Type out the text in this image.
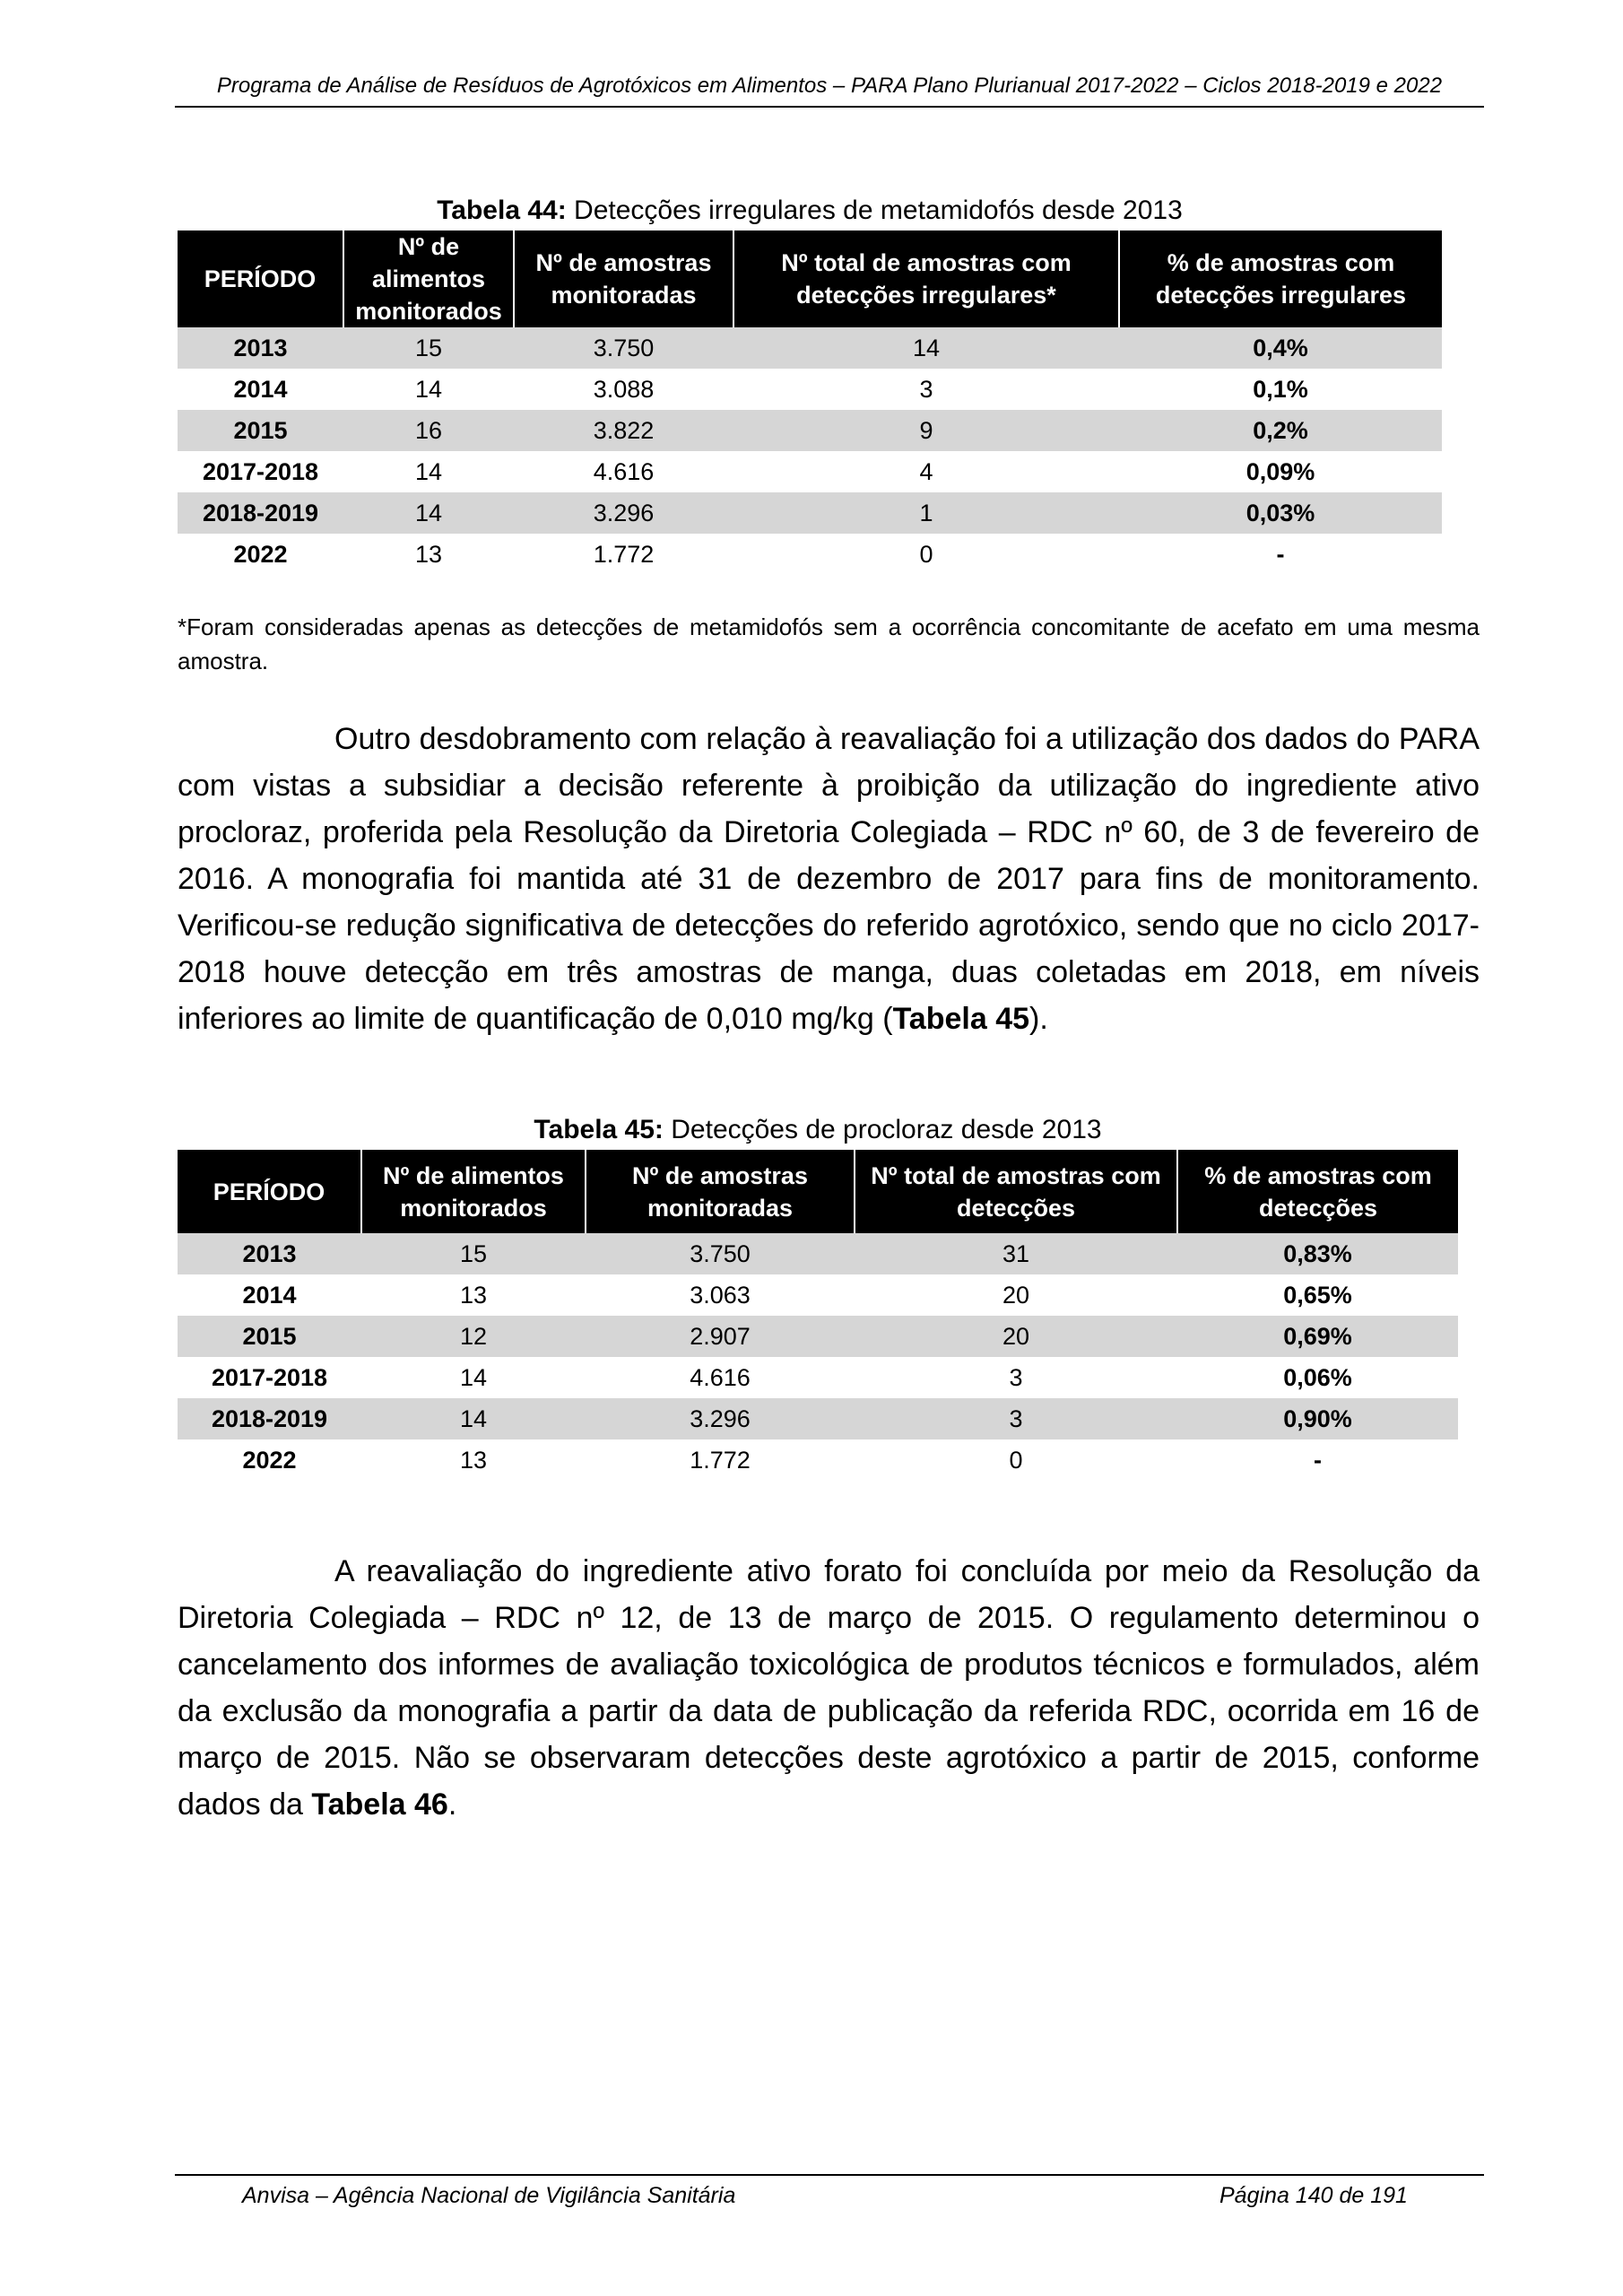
Programa de Análise de Resíduos de Agrotóxicos em Alimentos – PARA Plano Plurianual 2017-2022 – Ciclos 2018-2019 e 2022
Tabela 44: Detecções irregulares de metamidofós desde 2013
PERÍODO	Nº de alimentos monitorados	Nº de amostras monitoradas	Nº total de amostras com detecções irregulares*	% de amostras com detecções irregulares
2013	15	3.750	14	0,4%
2014	14	3.088	3	0,1%
2015	16	3.822	9	0,2%
2017-2018	14	4.616	4	0,09%
2018-2019	14	3.296	1	0,03%
2022	13	1.772	0	-
*Foram consideradas apenas as detecções de metamidofós sem a ocorrência concomitante de acefato em uma mesma amostra.
Outro desdobramento com relação à reavaliação foi a utilização dos dados do PARA com vistas a subsidiar a decisão referente à proibição da utilização do ingrediente ativo procloraz, proferida pela Resolução da Diretoria Colegiada – RDC nº 60, de 3 de fevereiro de 2016. A monografia foi mantida até 31 de dezembro de 2017 para fins de monitoramento. Verificou-se redução significativa de detecções do referido agrotóxico, sendo que no ciclo 2017-2018 houve detecção em três amostras de manga, duas coletadas em 2018, em níveis inferiores ao limite de quantificação de 0,010 mg/kg (Tabela 45).
Tabela 45: Detecções de procloraz desde 2013
PERÍODO	Nº de alimentos monitorados	Nº de amostras monitoradas	Nº total de amostras com detecções	% de amostras com detecções
2013	15	3.750	31	0,83%
2014	13	3.063	20	0,65%
2015	12	2.907	20	0,69%
2017-2018	14	4.616	3	0,06%
2018-2019	14	3.296	3	0,90%
2022	13	1.772	0	-
A reavaliação do ingrediente ativo forato foi concluída por meio da Resolução da Diretoria Colegiada – RDC nº 12, de 13 de março de 2015. O regulamento determinou o cancelamento dos informes de avaliação toxicológica de produtos técnicos e formulados, além da exclusão da monografia a partir da data de publicação da referida RDC, ocorrida em 16 de março de 2015. Não se observaram detecções deste agrotóxico a partir de 2015, conforme dados da Tabela 46.
Anvisa – Agência Nacional de Vigilância Sanitária	Página 140 de 191
